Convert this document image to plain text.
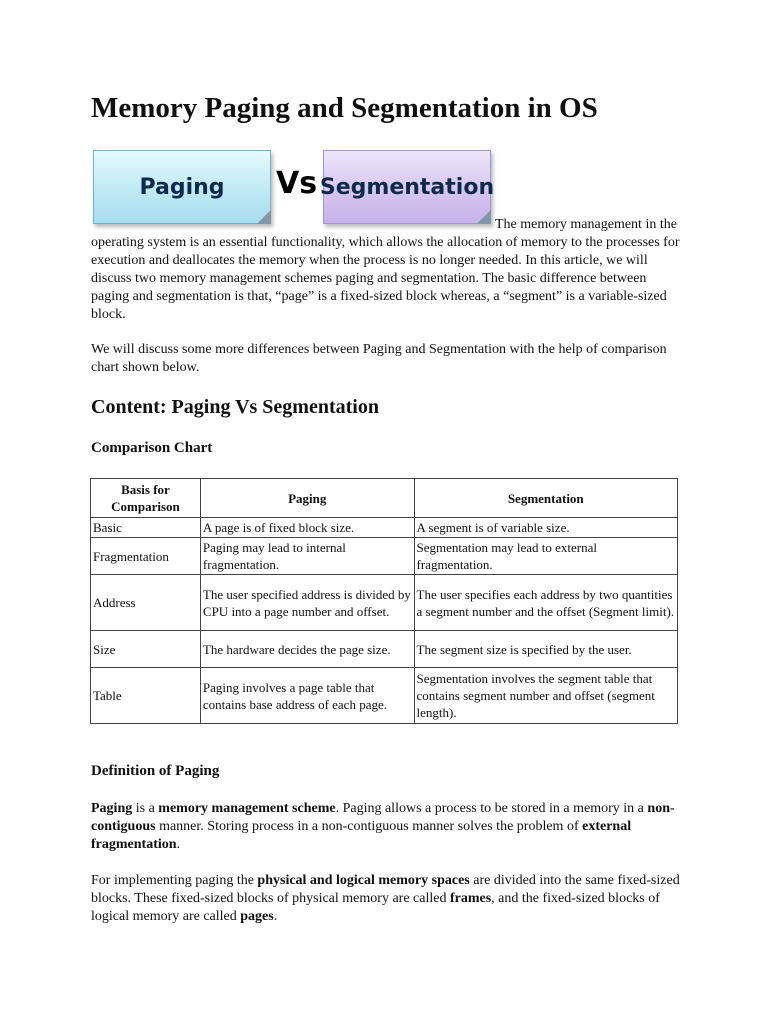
Memory Paging and Segmentation in OS
Paging Vs Segmentation

The memory management in the operating system is an essential functionality, which allows the allocation of memory to the processes for execution and deallocates the memory when the process is no longer needed. In this article, we will discuss two memory management schemes paging and segmentation. The basic difference between paging and segmentation is that, “page” is a fixed-sized block whereas, a “segment” is a variable-sized block.

We will discuss some more differences between Paging and Segmentation with the help of comparison chart shown below.

Content: Paging Vs Segmentation
Comparison Chart
Basis for Comparison	Paging	Segmentation
Basic	A page is of fixed block size.	A segment is of variable size.
Fragmentation	Paging may lead to internal fragmentation.	Segmentation may lead to external fragmentation.
Address	The user specified address is divided by CPU into a page number and offset.	The user specifies each address by two quantities a segment number and the offset (Segment limit).
Size	The hardware decides the page size.	The segment size is specified by the user.
Table	Paging involves a page table that contains base address of each page.	Segmentation involves the segment table that contains segment number and offset (segment length).
Definition of Paging

Paging is a memory management scheme. Paging allows a process to be stored in a memory in a non-contiguous manner. Storing process in a non-contiguous manner solves the problem of external fragmentation.

For implementing paging the physical and logical memory spaces are divided into the same fixed-sized blocks. These fixed-sized blocks of physical memory are called frames, and the fixed-sized blocks of logical memory are called pages.
